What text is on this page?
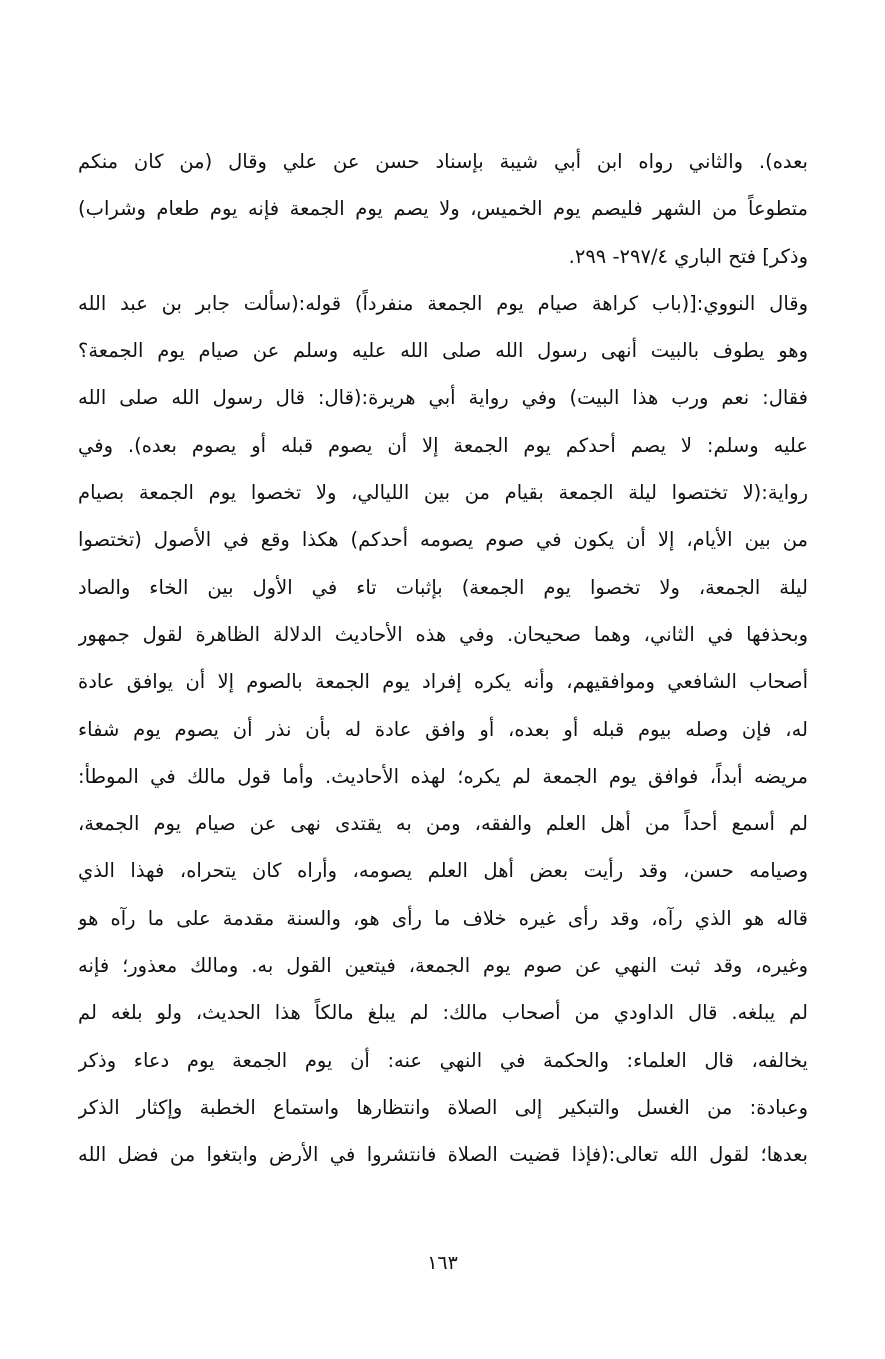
بعده). والثاني رواه ابن أبي شيبة بإسناد حسن عن علي وقال (من كان منكم
متطوعاً من الشهر فليصم يوم الخميس، ولا يصم يوم الجمعة فإنه يوم طعام وشراب)
وذكر] فتح الباري ٢٩٧/٤- ٢٩٩.
وقال النووي:[(باب كراهة صيام يوم الجمعة منفرداً) قوله:(سألت جابر بن عبد الله
وهو يطوف بالبيت أنهى رسول الله صلى الله عليه وسلم عن صيام يوم الجمعة؟
فقال: نعم ورب هذا البيت) وفي رواية أبي هريرة:(قال: قال رسول الله صلى الله
عليه وسلم: لا يصم أحدكم يوم الجمعة إلا أن يصوم قبله أو يصوم بعده). وفي
رواية:(لا تختصوا ليلة الجمعة بقيام من بين الليالي، ولا تخصوا يوم الجمعة بصيام
من بين الأيام، إلا أن يكون في صوم يصومه أحدكم) هكذا وقع في الأصول (تختصوا
ليلة الجمعة، ولا تخصوا يوم الجمعة) بإثبات تاء في الأول بين الخاء والصاد
وبحذفها في الثاني، وهما صحيحان. وفي هذه الأحاديث الدلالة الظاهرة لقول جمهور
أصحاب الشافعي وموافقيهم، وأنه يكره إفراد يوم الجمعة بالصوم إلا أن يوافق عادة
له، فإن وصله بيوم قبله أو بعده، أو وافق عادة له بأن نذر أن يصوم يوم شفاء
مريضه أبداً، فوافق يوم الجمعة لم يكره؛ لهذه الأحاديث. وأما قول مالك في الموطأ:
لم أسمع أحداً من أهل العلم والفقه، ومن به يقتدى نهى عن صيام يوم الجمعة،
وصيامه حسن، وقد رأيت بعض أهل العلم يصومه، وأراه كان يتحراه، فهذا الذي
قاله هو الذي رآه، وقد رأى غيره خلاف ما رأى هو، والسنة مقدمة على ما رآه هو
وغيره، وقد ثبت النهي عن صوم يوم الجمعة، فيتعين القول به. ومالك معذور؛ فإنه
لم يبلغه. قال الداودي من أصحاب مالك: لم يبلغ مالكاً هذا الحديث، ولو بلغه لم
يخالفه، قال العلماء: والحكمة في النهي عنه: أن يوم الجمعة يوم دعاء وذكر
وعبادة: من الغسل والتبكير إلى الصلاة وانتظارها واستماع الخطبة وإكثار الذكر
بعدها؛ لقول الله تعالى:(فإذا قضيت الصلاة فانتشروا في الأرض وابتغوا من فضل الله
١٦٣
